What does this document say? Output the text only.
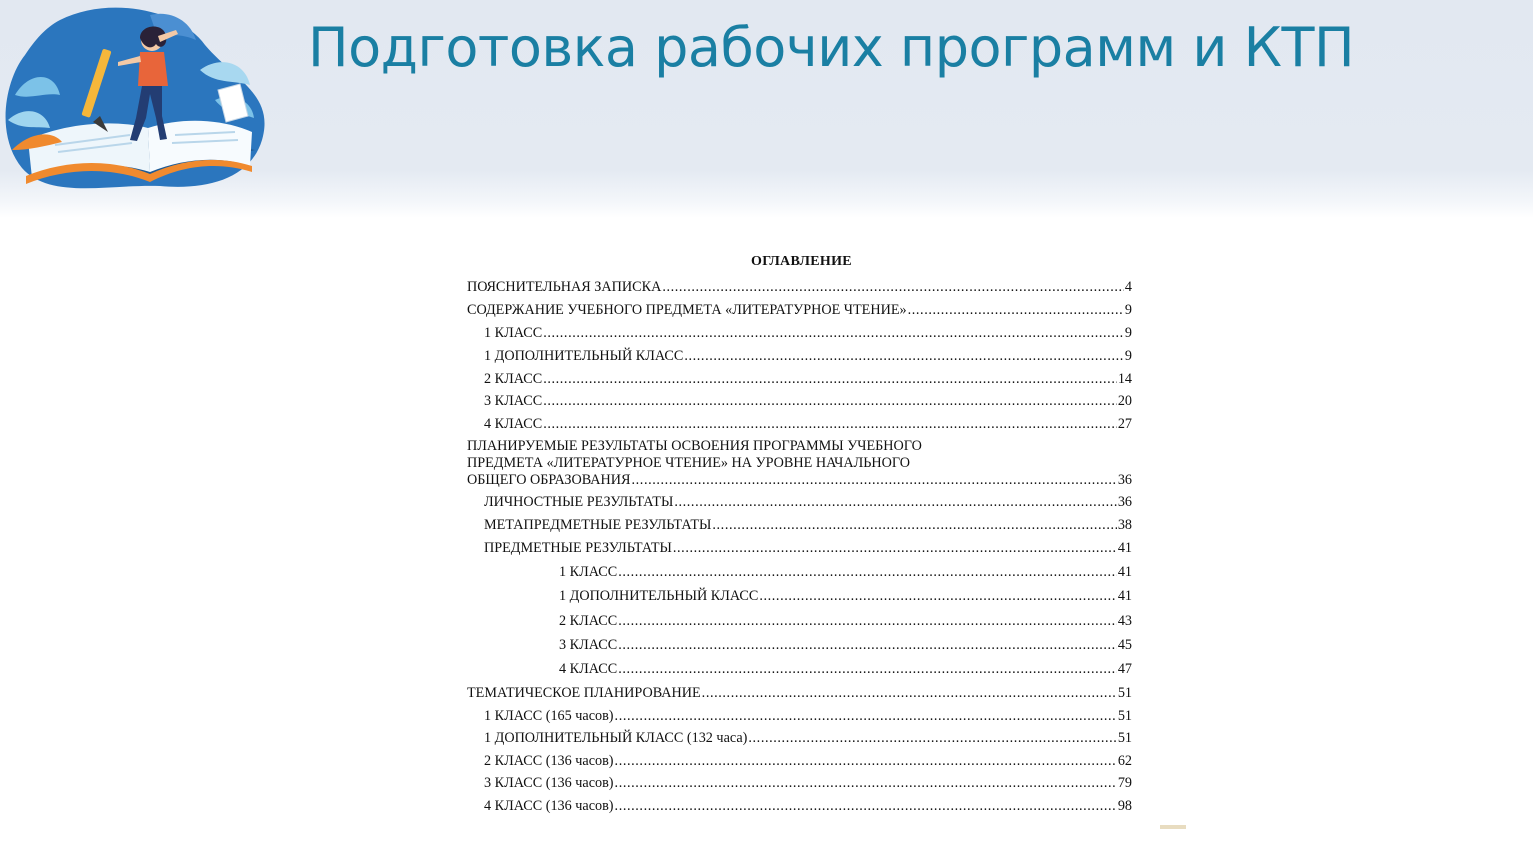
Подготовка рабочих программ и КТП
ОГЛАВЛЕНИЕ
ПОЯСНИТЕЛЬНАЯ ЗАПИСКА .....	4
СОДЕРЖАНИЕ УЧЕБНОГО ПРЕДМЕТА «ЛИТЕРАТУРНОЕ ЧТЕНИЕ» .....	9
1 КЛАСС .....	9
1 ДОПОЛНИТЕЛЬНЫЙ КЛАСС .....	9
2 КЛАСС .....	14
3 КЛАСС .....	20
4 КЛАСС .....	27
ПЛАНИРУЕМЫЕ РЕЗУЛЬТАТЫ ОСВОЕНИЯ ПРОГРАММЫ УЧЕБНОГО
ПРЕДМЕТА «ЛИТЕРАТУРНОЕ ЧТЕНИЕ» НА УРОВНЕ НАЧАЛЬНОГО
ОБЩЕГО ОБРАЗОВАНИЯ .....	36
ЛИЧНОСТНЫЕ РЕЗУЛЬТАТЫ .....	36
МЕТАПРЕДМЕТНЫЕ РЕЗУЛЬТАТЫ .....	38
ПРЕДМЕТНЫЕ РЕЗУЛЬТАТЫ .....	41
1 КЛАСС .....	41
1 ДОПОЛНИТЕЛЬНЫЙ КЛАСС .....	41
2 КЛАСС .....	43
3 КЛАСС .....	45
4 КЛАСС .....	47
ТЕМАТИЧЕСКОЕ ПЛАНИРОВАНИЕ .....	51
1 КЛАСС (165 часов) .....	51
1 ДОПОЛНИТЕЛЬНЫЙ КЛАСС (132 часа) .....	51
2 КЛАСС (136 часов) .....	62
3 КЛАСС (136 часов) .....	79
4 КЛАСС (136 часов) .....	98
